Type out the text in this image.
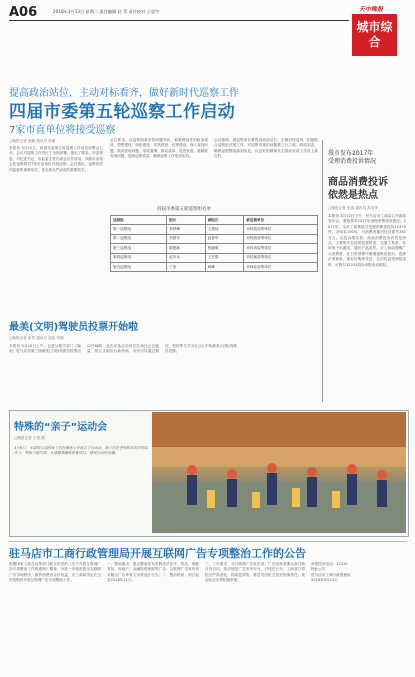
A06	2018年3月13日 星期二 责任编辑 赵 青 责任校对 王思宇	天中晚报
城市综合
提高政治站位，主动对标看齐，做好新时代巡察工作
四届市委第五轮巡察工作启动
7家市直单位将接受巡察
□晚报记者 张鹏 通讯员 刘丽
本报讯 3月12日，四届市委第五轮巡察工作动员部署会召开。会议对巡察工作进行了全面部署，提出了要求。市委常委、市纪委书记、市监委主任出席会议并讲话。四届市委第五轮巡察将对7家市直单位开展巡察。会议指出，巡察是党内监督的重要形式，是全面从严治党的重要抓手。
会议要求，各巡察组要坚持问题导向，紧紧围绕党的政治建设、思想建设、组织建设、作风建设、纪律建设，深入查找问题，做到发现问题、形成震慑、推动改革、促进发展。要精准发现问题，提高巡察质量，确保巡察工作取得实效。
会议强调，被巡察单位要提高政治站位，正确对待巡察，积极配合巡察组开展工作，对巡察发现的问题要立行立改、真改实改，确保巡察整改落到实处，以良好的精神状态推动各项工作再上新台阶。
四届市委第五轮巡察组名单
巡察组	组长	副组长	被巡察单位
第一巡察组	李铁峰	王建伟	市科技局等单位
第二巡察组	刘国安	赵春华	市民政局等单位
第三巡察组	陈建新	张晓明	市体育局等单位
第四巡察组	孟庆兵	王宏强	市档案局等单位
第五巡察组	丁奎	杨峰	市林业局等单位
最美(文明)驾驶员投票开始啦
□晚报记者 张景 通讯员 赵振 刘斌
本报讯 3月10日上午，记者从相关部门了解到，驻马店市第三届最美(文明)驾驶员投票活动开始啦。此次评选活动旨在弘扬社会正能量，树立文明出行新风尚，市民可以通过微信、短信等方式为自己心中的最美(文明)驾驶员投票。
我市发布2017年
受理消费投诉情况
商品消费投诉
依然是热点
□晚报记者 张丽 通讯员 高彦华
本报讯 3月12日下午，驻马店市工商局召开新闻发布会，通报我市2017年受理消费投诉情况。2017年，全市工商系统共受理消费者投诉12370件，办结率100%，为消费者挽回经济损失261万元。从投诉情况看，商品消费投诉仍然是热点，主要集中在房屋及建材类、交通工具类、家用电子电器类、通讯产品类等。市工商局提醒广大消费者，在日常消费中要增强维权意识，选择正规商家，保存好购物凭证，合法权益受到侵害时，可拨打12315投诉举报电话维权。
特殊的“亲子”运动会
□晚报记者 王曼 摄
3月9日，市某幼儿园的孩子们在操场上开展亲子运动会，孩子们在老师和家长们的陪伴下，参加了踩气球、夹球跑等趣味体育项目，感受运动的乐趣。
驻马店市工商行政管理局开展互联网广告专项整治工作的公告
根据国家工商总局等部门联合印发的《关于开展互联网广告专项整治工作的通知》精神，为进一步规范我市互联网广告市场秩序，维护消费者合法权益，市工商局决定在全市范围内开展互联网广告专项整治工作。
一、整治重点：重点整治发布虚假违法医疗、药品、保健食品、房地产、金融投资理财等广告；互联网广告发布者未履行广告审查义务等违法行为。二、整治时间：即日起至2018年11月。
三、工作要求：各互联网广告发布者、广告经营者要认真开展自查自纠，依法规范广告发布行为。对违法行为，工商部门将依法严肃查处，构成犯罪的，移送司法机关追究刑事责任。欢迎社会各界积极举报。
举报投诉电话：12315
特此公告
驻马店市工商行政管理局
2018年3月13日
